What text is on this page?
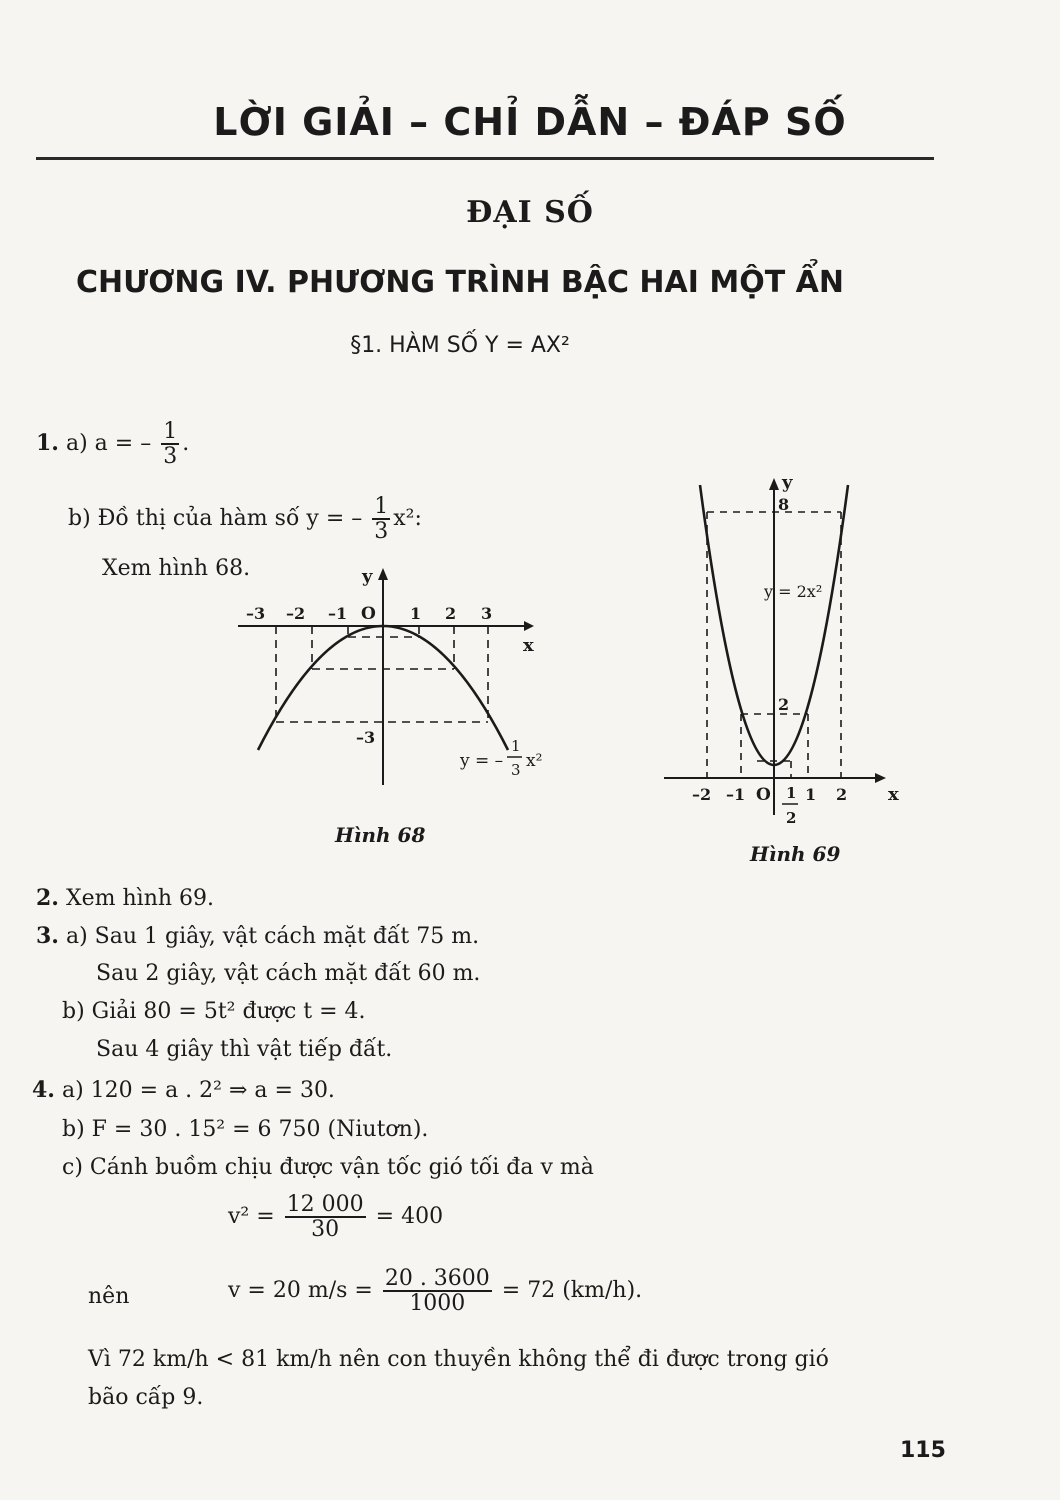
LỜI GIẢI – CHỈ DẪN – ĐÁP SỐ
ĐẠI SỐ
CHƯƠNG IV. PHƯƠNG TRÌNH BẬC HAI MỘT ẨN
§1. HÀM SỐ Y = AX²
1. a) a = – $\frac{1}{3}$ .
b) Đồ thị của hàm số y = – $\frac{1}{3} x^2$:
Xem hình 68.	y
x
–3 –2 –1 O 1 2 3
–3
y = –
1
3 x²
Hình 68
y
x
8
2
y = 2x²
–2 –1 O 1
2
1 2
Hình 69
2. Xem hình 69.
3. a) Sau 1 giây, vật cách mặt đất 75 m.
Sau 2 giây, vật cách mặt đất 60 m.
b) Giải 80 = 5t² được t = 4.
Sau 4 giây thì vật tiếp đất.
4. a) 120 = a . 2² ⇒ a = 30.
b) F = 30 . 15² = 6 750 (Niutơn).
c) Cánh buồm chịu được vận tốc gió tối đa v mà
$v^2 = \frac{12 000}{30} = 400$
nên	v = 20 $m/s = \frac{20 . 3600}{1000} = 72$ (km/h).
Vì 72 km/h < 81 km/h nên con thuyền không thể đi được trong gió
bão cấp 9.
115
